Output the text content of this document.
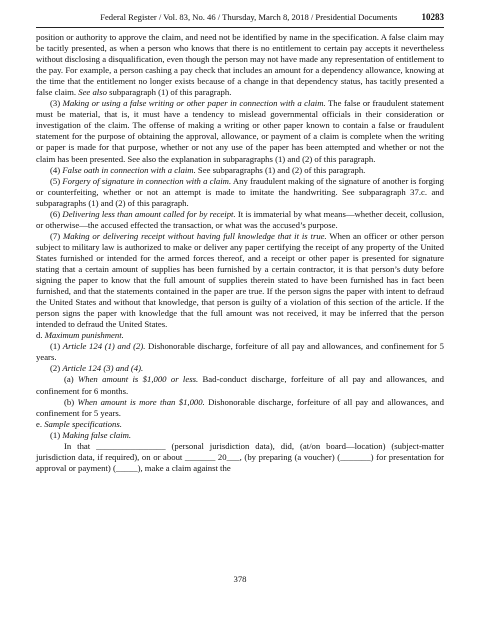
Federal Register / Vol. 83, No. 46 / Thursday, March 8, 2018 / Presidential Documents	10283

position or authority to approve the claim, and need not be identified by name in the specification. A false claim may be tacitly presented, as when a person who knows that there is no entitlement to certain pay accepts it nevertheless without disclosing a disqualification, even though the person may not have made any representation of entitlement to the pay. For example, a person cashing a pay check that includes an amount for a dependency allowance, knowing at the time that the entitlement no longer exists because of a change in that dependency status, has tacitly presented a false claim. See also subparagraph (1) of this paragraph.

(3) Making or using a false writing or other paper in connection with a claim. The false or fraudulent statement must be material, that is, it must have a tendency to mislead governmental officials in their consideration or investigation of the claim. The offense of making a writing or other paper known to contain a false or fraudulent statement for the purpose of obtaining the approval, allowance, or payment of a claim is complete when the writing or paper is made for that purpose, whether or not any use of the paper has been attempted and whether or not the claim has been presented. See also the explanation in subparagraphs (1) and (2) of this paragraph.

(4) False oath in connection with a claim. See subparagraphs (1) and (2) of this paragraph.

(5) Forgery of signature in connection with a claim. Any fraudulent making of the signature of another is forging or counterfeiting, whether or not an attempt is made to imitate the handwriting. See subparagraph 37.c. and subparagraphs (1) and (2) of this paragraph.

(6) Delivering less than amount called for by receipt. It is immaterial by what means—whether deceit, collusion, or otherwise—the accused effected the transaction, or what was the accused’s purpose.

(7) Making or delivering receipt without having full knowledge that it is true. When an officer or other person subject to military law is authorized to make or deliver any paper certifying the receipt of any property of the United States furnished or intended for the armed forces thereof, and a receipt or other paper is presented for signature stating that a certain amount of supplies has been furnished by a certain contractor, it is that person’s duty before signing the paper to know that the full amount of supplies therein stated to have been furnished has in fact been furnished, and that the statements contained in the paper are true. If the person signs the paper with intent to defraud the United States and without that knowledge, that person is guilty of a violation of this section of the article. If the person signs the paper with knowledge that the full amount was not received, it may be inferred that the person intended to defraud the United States.

d. Maximum punishment.

(1) Article 124 (1) and (2). Dishonorable discharge, forfeiture of all pay and allowances, and confinement for 5 years.

(2) Article 124 (3) and (4).

(a) When amount is $1,000 or less. Bad-conduct discharge, forfeiture of all pay and allowances, and confinement for 6 months.

(b) When amount is more than $1,000. Dishonorable discharge, forfeiture of all pay and allowances, and confinement for 5 years.

e. Sample specifications.

(1) Making false claim.

In that ________________ (personal jurisdiction data), did, (at/on board—location) (subject-matter jurisdiction data, if required), on or about _______ 20___, (by preparing (a voucher) (_______) for presentation for approval or payment) (_____), make a claim against the

378
